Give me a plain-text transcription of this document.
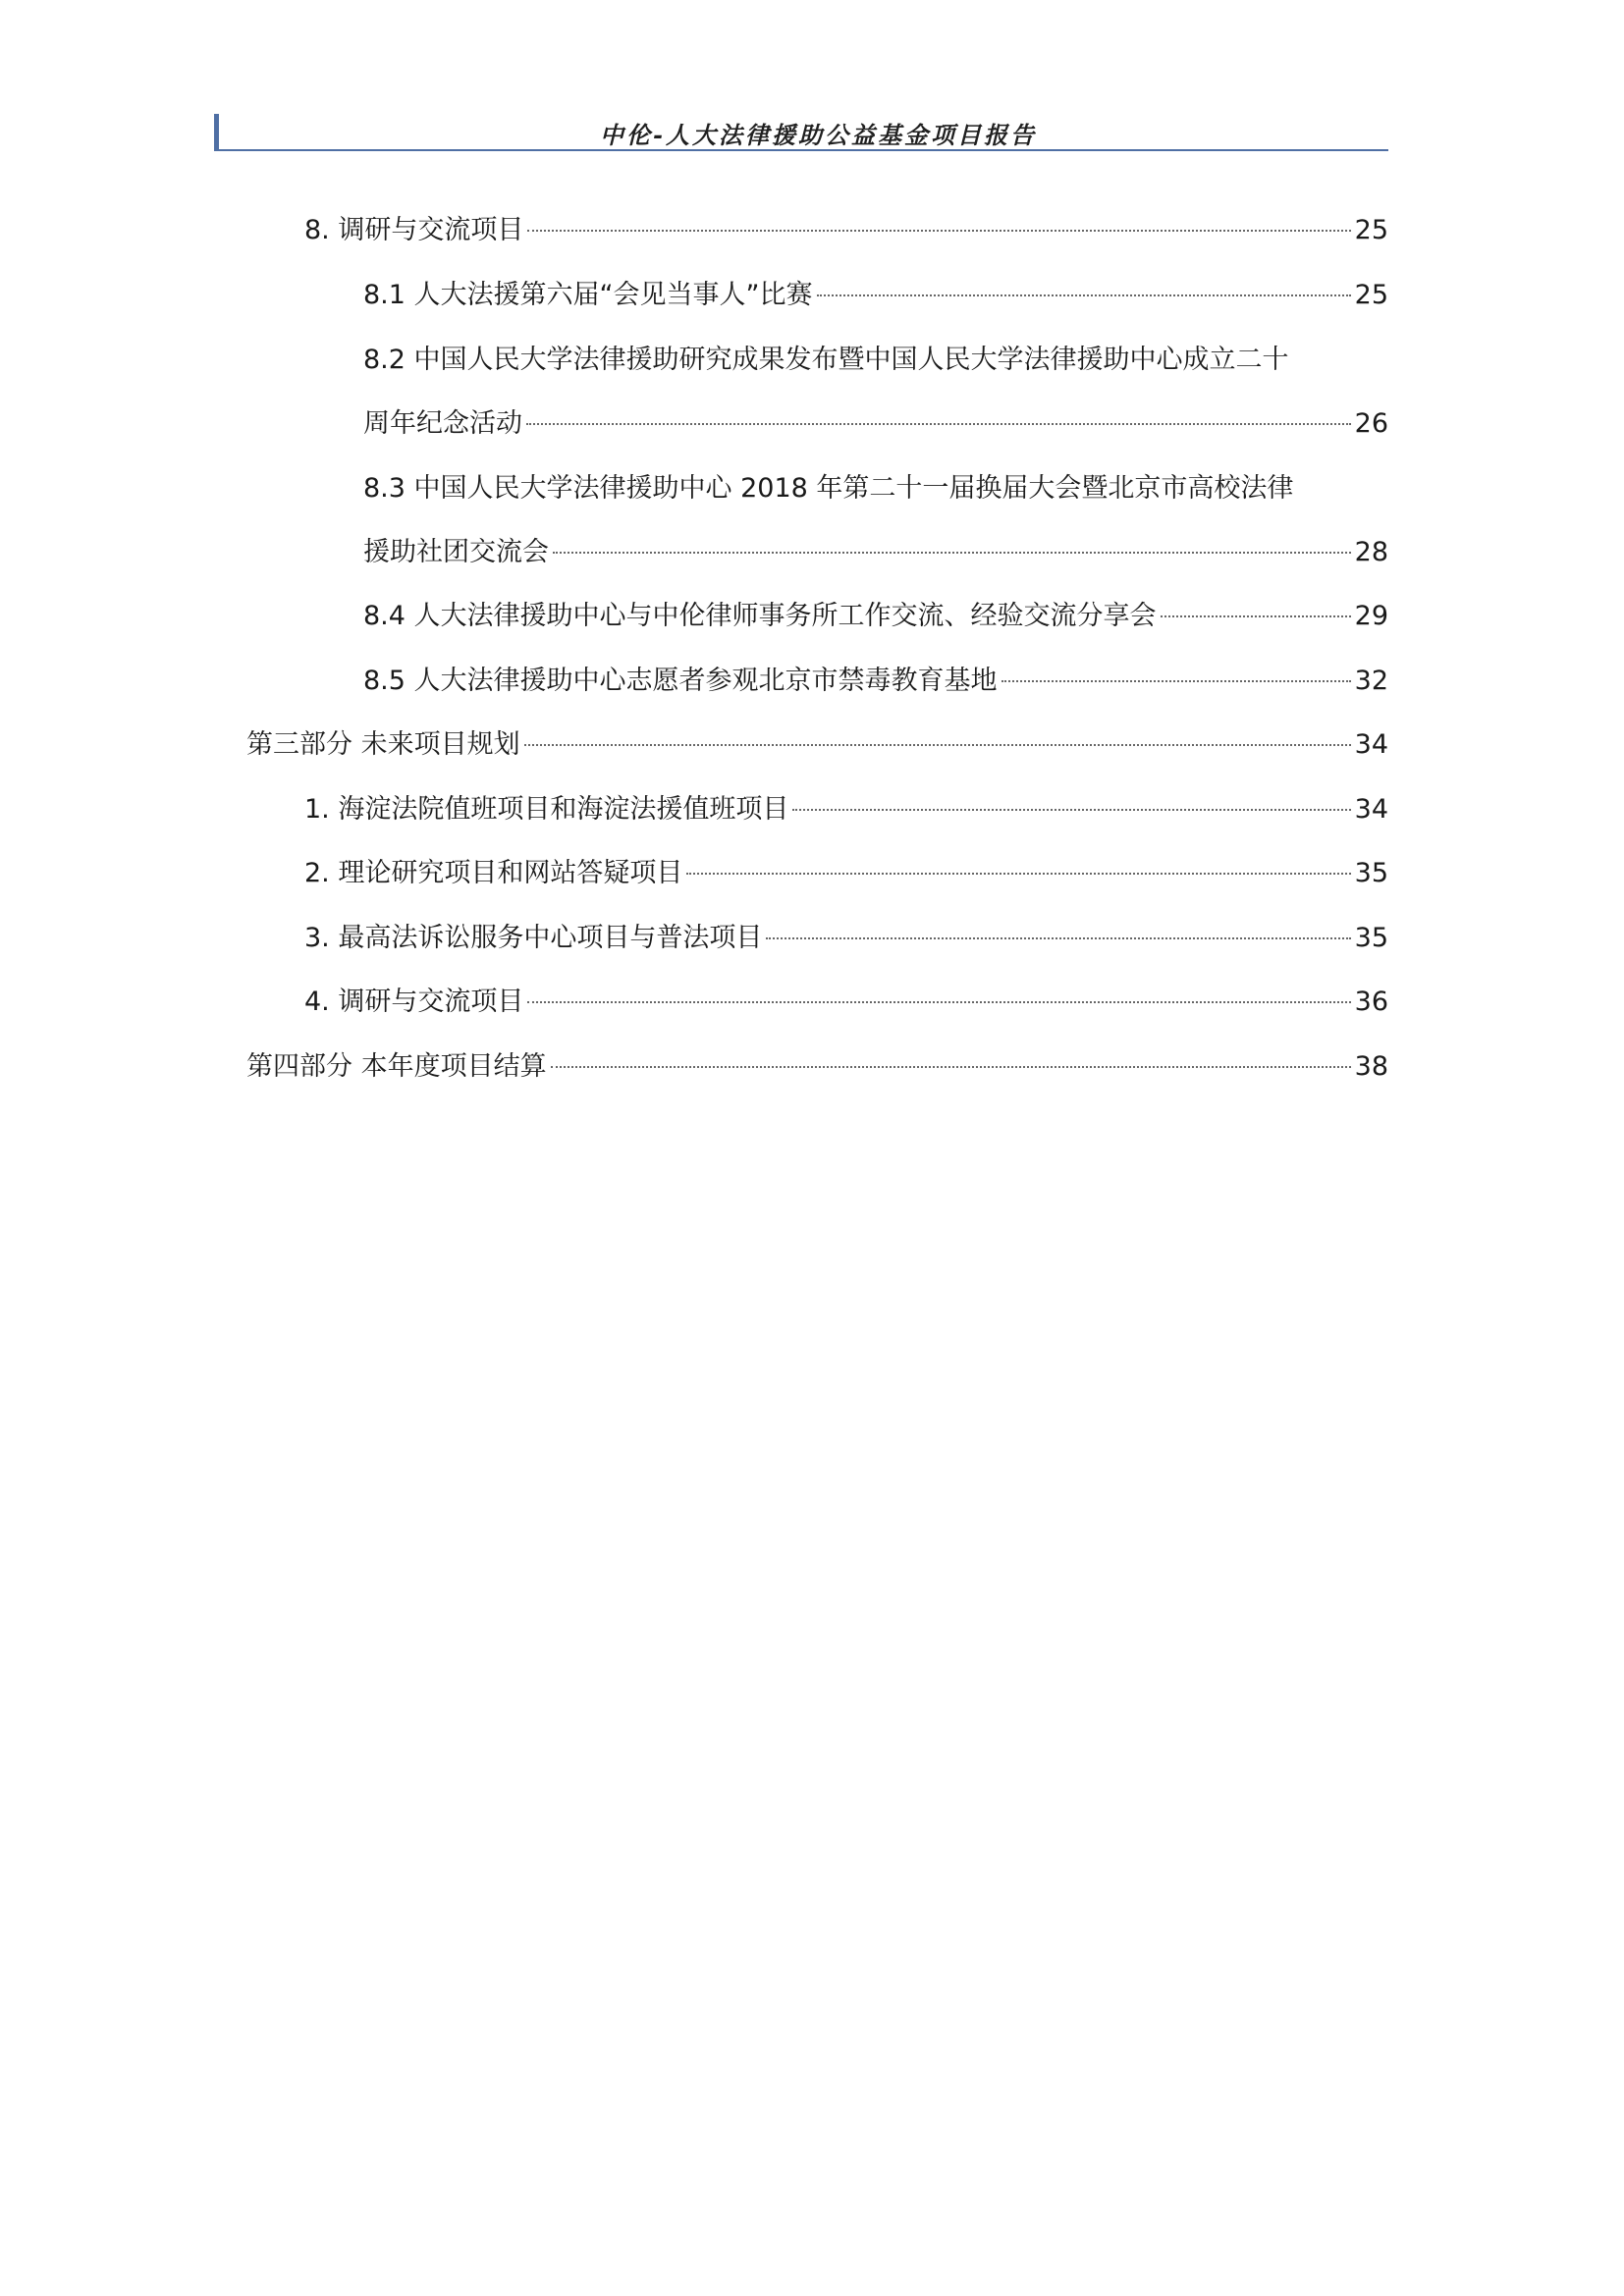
中伦-人大法律援助公益基金项目报告
8. 调研与交流项目	25
8.1 人大法援第六届“会见当事人”比赛	25
8.2 中国人民大学法律援助研究成果发布暨中国人民大学法律援助中心成立二十
周年纪念活动	26
8.3 中国人民大学法律援助中心 2018 年第二十一届换届大会暨北京市高校法律
援助社团交流会	28
8.4 人大法律援助中心与中伦律师事务所工作交流、经验交流分享会	29
8.5 人大法律援助中心志愿者参观北京市禁毒教育基地	32
第三部分 未来项目规划	34
1. 海淀法院值班项目和海淀法援值班项目	34
2. 理论研究项目和网站答疑项目	35
3. 最高法诉讼服务中心项目与普法项目	35
4. 调研与交流项目	36
第四部分 本年度项目结算	38
